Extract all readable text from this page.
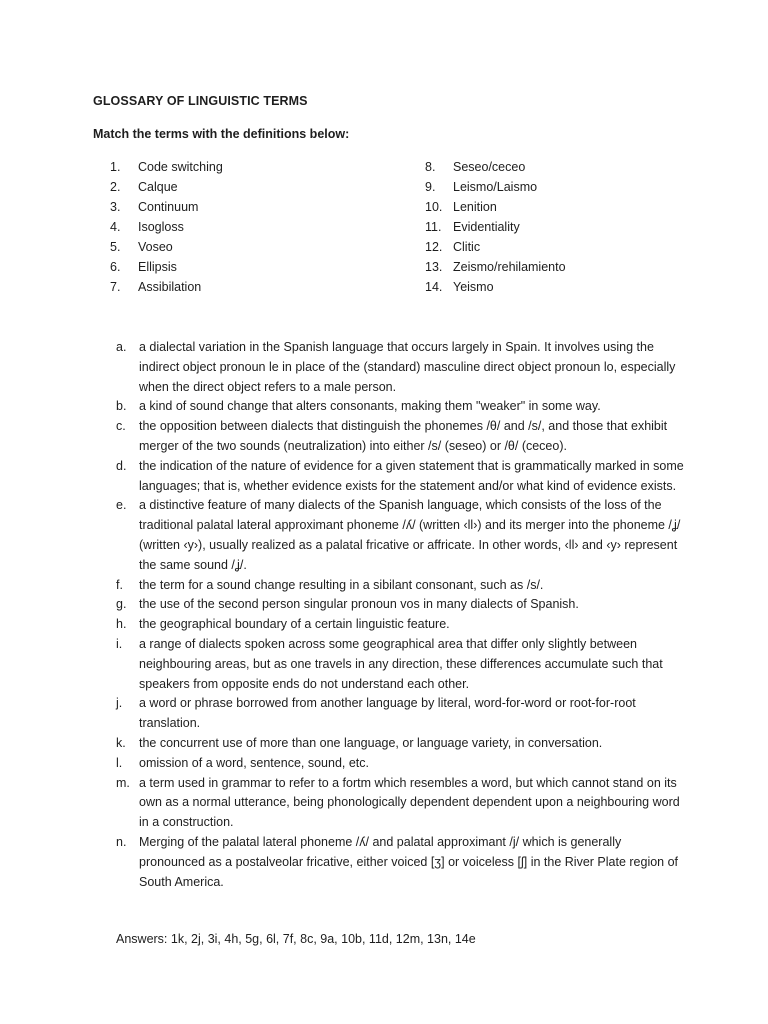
GLOSSARY OF LINGUISTIC TERMS
Match the terms with the definitions below:
1. Code switching
2. Calque
3. Continuum
4. Isogloss
5. Voseo
6. Ellipsis
7. Assibilation
8. Seseo/ceceo
9. Leismo/Laismo
10. Lenition
11. Evidentiality
12. Clitic
13. Zeismo/rehilamiento
14. Yeismo
a.	a dialectal variation in the Spanish language that occurs largely in Spain. It involves using the indirect object pronoun le in place of the (standard) masculine direct object pronoun lo, especially when the direct object refers to a male person.
b.	a kind of sound change that alters consonants, making them "weaker" in some way.
c.	the opposition between dialects that distinguish the phonemes /θ/ and /s/, and those that exhibit merger of the two sounds (neutralization) into either /s/ (seseo) or /θ/ (ceceo).
d.	the indication of the nature of evidence for a given statement that is grammatically marked in some languages; that is, whether evidence exists for the statement and/or what kind of evidence exists.
e.	a distinctive feature of many dialects of the Spanish language, which consists of the loss of the traditional palatal lateral approximant phoneme /ʎ/ (written ‹ll›) and its merger into the phoneme /ʝ/ (written ‹y›), usually realized as a palatal fricative or affricate. In other words, ‹ll› and ‹y› represent the same sound /ʝ/.
f.	the term for a sound change resulting in a sibilant consonant, such as /s/.
g.	the use of the second person singular pronoun vos in many dialects of Spanish.
h.	the geographical boundary of a certain linguistic feature.
i.	a range of dialects spoken across some geographical area that differ only slightly between neighbouring areas, but as one travels in any direction, these differences accumulate such that speakers from opposite ends do not understand each other.
j.	a word or phrase borrowed from another language by literal, word-for-word or root-for-root translation.
k.	the concurrent use of more than one language, or language variety, in conversation.
l.	omission of a word, sentence, sound, etc.
m. a term used in grammar to refer to a fortm which resembles a word, but which cannot stand on its own as a normal utterance, being phonologically dependent dependent upon a neighbouring word in a construction.
n.	Merging of the palatal lateral phoneme /ʎ/ and palatal approximant /j/ which is generally pronounced as a postalveolar fricative, either voiced [ʒ] or voiceless [ʃ] in the River Plate region of South America.
Answers: 1k, 2j, 3i, 4h, 5g, 6l, 7f, 8c, 9a, 10b, 11d, 12m, 13n, 14e
